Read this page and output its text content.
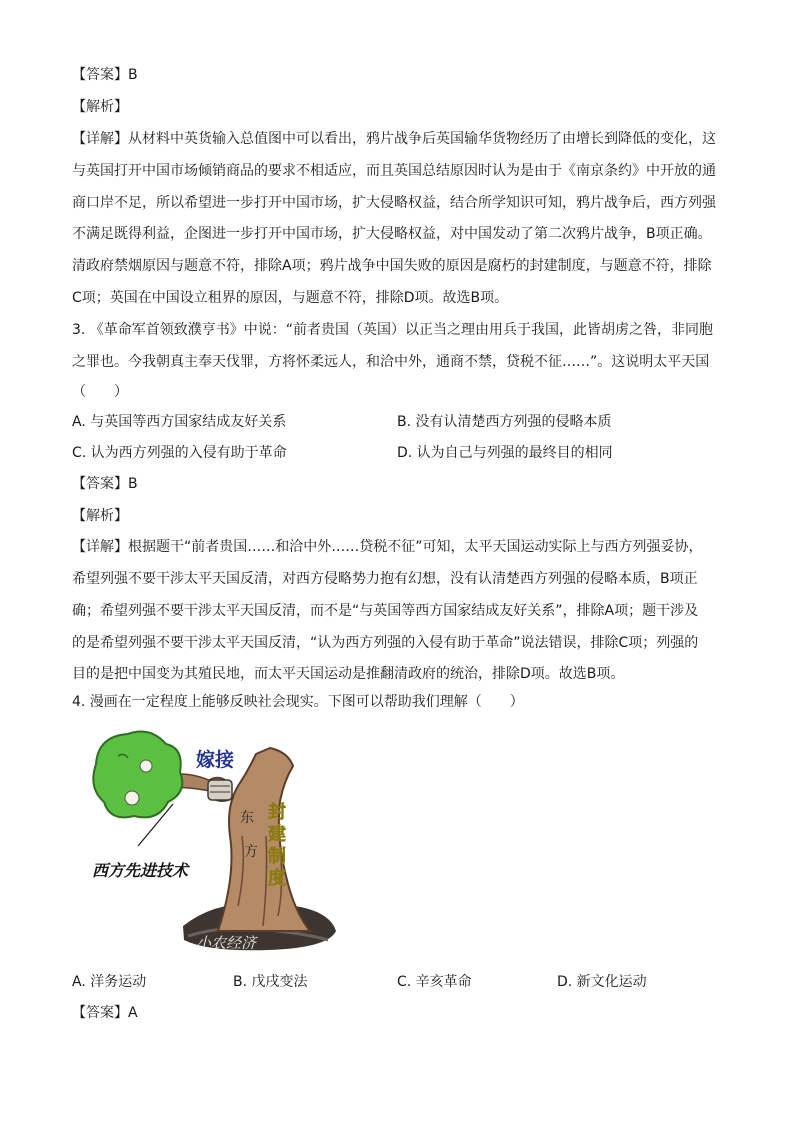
【答案】B
【解析】
【详解】从材料中英货输入总值图中可以看出，鸦片战争后英国输华货物经历了由增长到降低的变化，这
与英国打开中国市场倾销商品的要求不相适应，而且英国总结原因时认为是由于《南京条约》中开放的通
商口岸不足，所以希望进一步打开中国市场，扩大侵略权益，结合所学知识可知，鸦片战争后，西方列强
不满足既得利益，企图进一步打开中国市场，扩大侵略权益，对中国发动了第二次鸦片战争，B项正确。
清政府禁烟原因与题意不符，排除A项；鸦片战争中国失败的原因是腐朽的封建制度，与题意不符，排除
C项；英国在中国设立租界的原因，与题意不符，排除D项。故选B项。
3. 《革命军首领致濮亨书》中说：“前者贵国（英国）以正当之理由用兵于我国，此皆胡虏之咎，非同胞
之罪也。今我朝真主奉天伐罪，方将怀柔远人，和洽中外，通商不禁，贷税不征……”。这说明太平天国
（　　）
A. 与英国等西方国家结成友好关系	B. 没有认清楚西方列强的侵略本质
C. 认为西方列强的入侵有助于革命	D. 认为自己与列强的最终目的相同
【答案】B
【解析】
【详解】根据题干“前者贵国……和洽中外……贷税不征”可知，太平天国运动实际上与西方列强妥协，
希望列强不要干涉太平天国反清，对西方侵略势力抱有幻想，没有认清楚西方列强的侵略本质，B项正
确；希望列强不要干涉太平天国反清，而不是“与英国等西方国家结成友好关系”，排除A项；题干涉及
的是希望列强不要干涉太平天国反清，“认为西方列强的入侵有助于革命”说法错误，排除C项；列强的
目的是把中国变为其殖民地，而太平天国运动是推翻清政府的统治，排除D项。故选B项。
4. 漫画在一定程度上能够反映社会现实。下图可以帮助我们理解（　　）
嫁接
东
方
封 建 制 度
西方先进技术
小农经济
A. 洋务运动	B. 戊戌变法	C. 辛亥革命	D. 新文化运动
【答案】A
